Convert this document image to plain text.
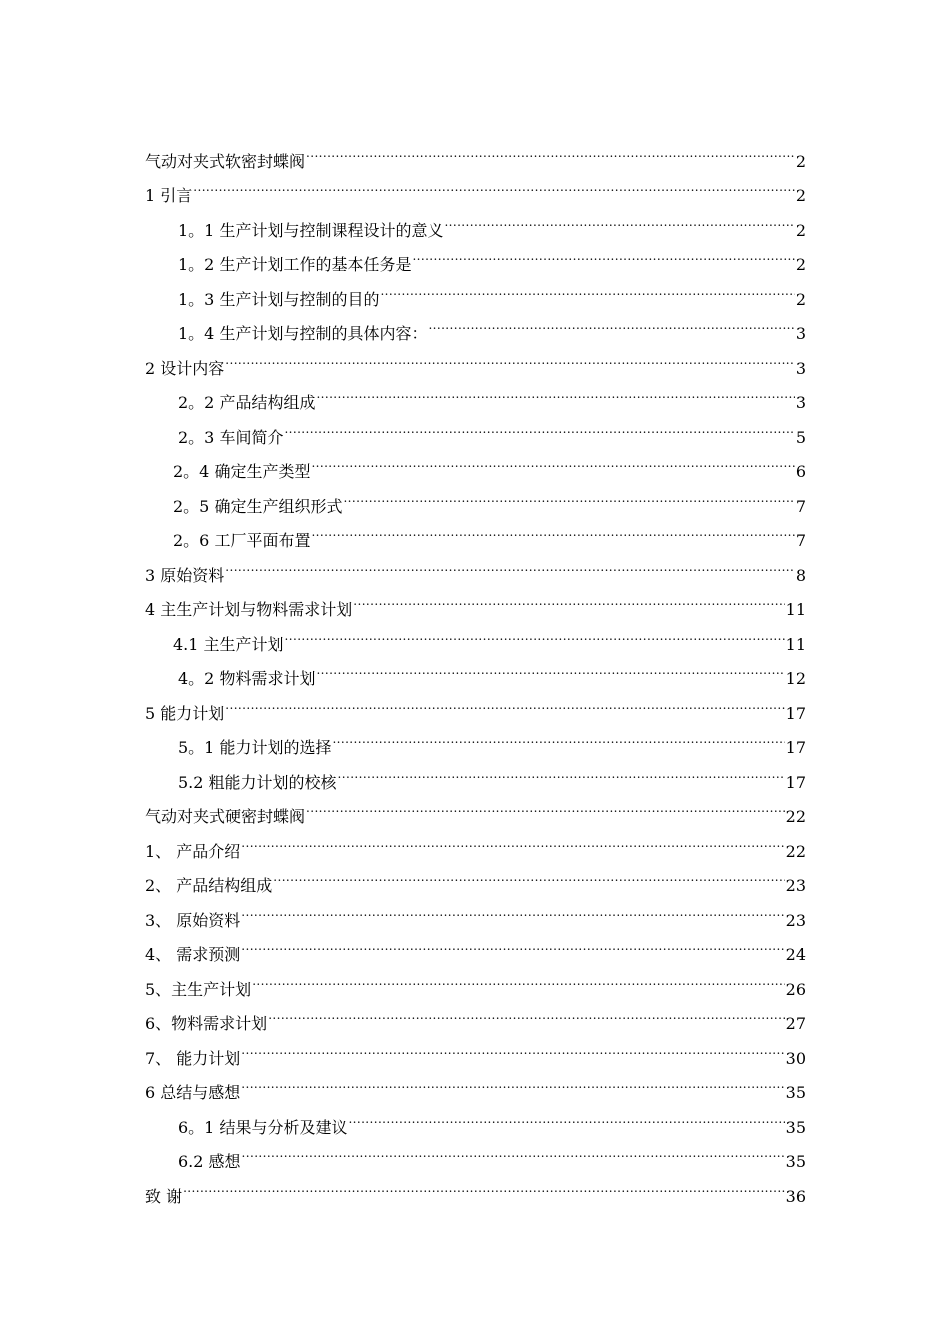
气动对夹式软密封蝶阀 .....	2
1 引言 .....	2
1。1 生产计划与控制课程设计的意义 .....	2
1。2 生产计划工作的基本任务是 .....	2
1。3 生产计划与控制的目的 .....	2
1。4 生产计划与控制的具体内容： .....	3
2 设计内容 .....	3
2。2 产品结构组成 .....	3
2。3 车间简介 .....	5
2。4 确定生产类型 .....	6
2。5 确定生产组织形式 .....	7
2。6 工厂平面布置 .....	7
3 原始资料 .....	8
4 主生产计划与物料需求计划 .....	11
4.1 主生产计划 .....	11
4。2 物料需求计划 .....	12
5 能力计划 .....	17
5。1 能力计划的选择 .....	17
5.2 粗能力计划的校核 .....	17
气动对夹式硬密封蝶阀 .....	22
1、 产品介绍 .....	22
2、 产品结构组成 .....	23
3、 原始资料 .....	23
4、 需求预测 .....	24
5、主生产计划 .....	26
6、物料需求计划 .....	27
7、 能力计划 .....	30
6 总结与感想 .....	35
6。1 结果与分析及建议 .....	35
6.2 感想 .....	35
致 谢 .....	36
